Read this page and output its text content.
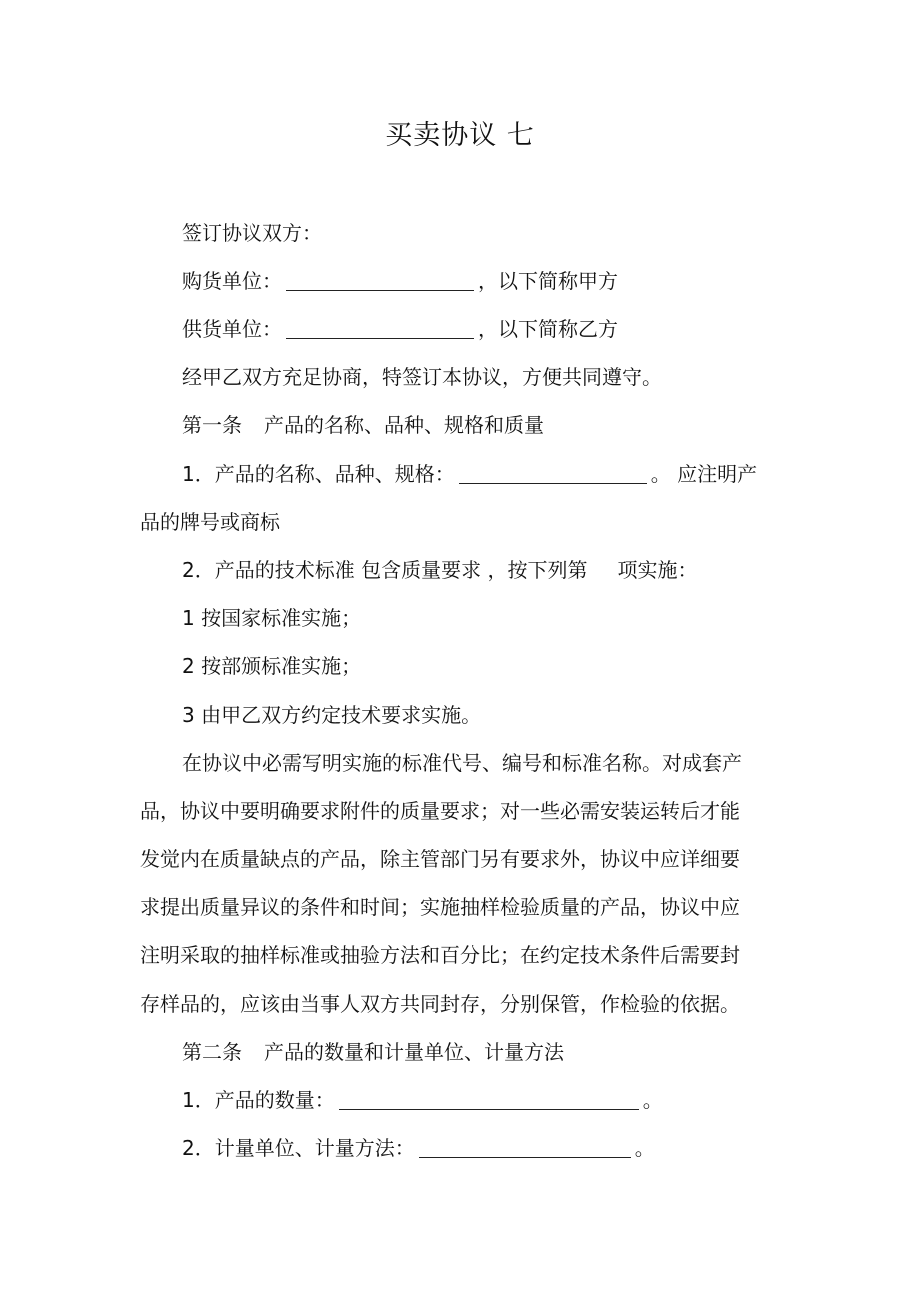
买卖协议 七
签订协议双方：
购货单位：	，以下简称甲方
供货单位：	，以下简称乙方
经甲乙双方充足协商，特签订本协议，方便共同遵守。
第一条 产品的名称、品种、规格和质量
1．产品的名称、品种、规格：	。 应注明产
品的牌号或商标
2．产品的技术标准 包含质量要求 ，按下列第 项实施：
1 按国家标准实施；
2 按部颁标准实施；
3 由甲乙双方约定技术要求实施。
在协议中必需写明实施的标准代号、编号和标准名称。对成套产
品，协议中要明确要求附件的质量要求；对一些必需安装运转后才能
发觉内在质量缺点的产品，除主管部门另有要求外，协议中应详细要
求提出质量异议的条件和时间；实施抽样检验质量的产品，协议中应
注明采取的抽样标准或抽验方法和百分比；在约定技术条件后需要封
存样品的，应该由当事人双方共同封存，分别保管，作检验的依据。
第二条 产品的数量和计量单位、计量方法
1．产品的数量：	。
2．计量单位、计量方法：	。
